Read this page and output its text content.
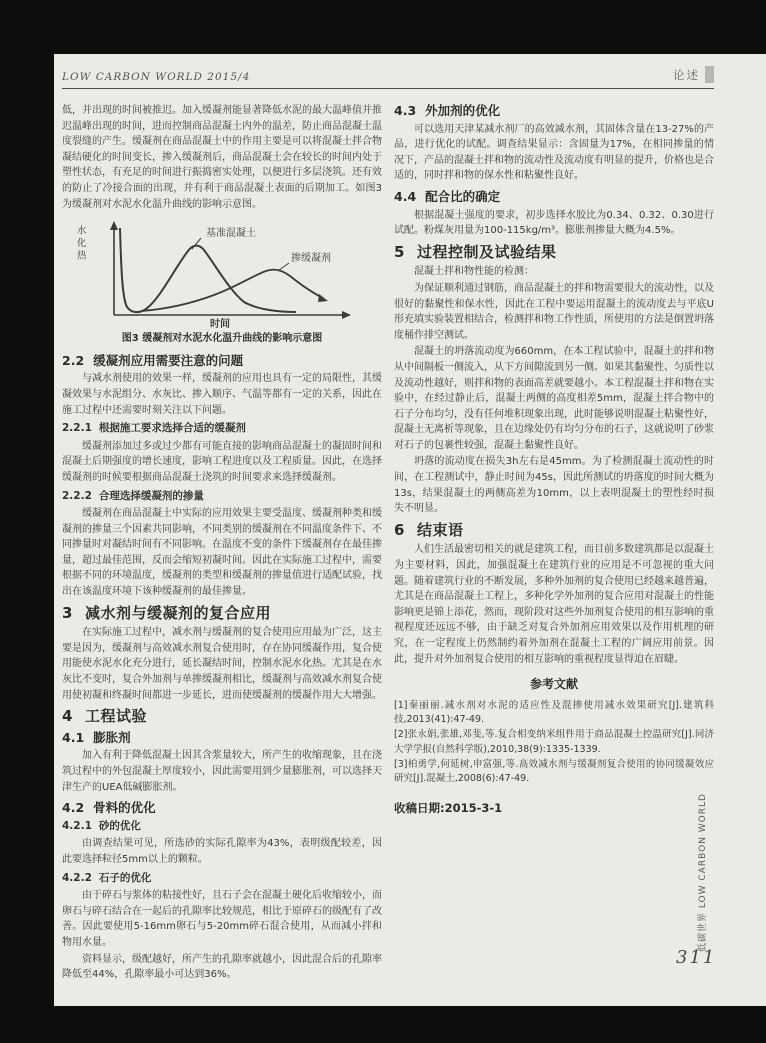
LOW CARBON WORLD 2015/4	论述

低，并出现的时间被推迟。加入缓凝剂能显著降低水泥的最大温峰值并推迟温峰出现的时间，进而控制商品混凝土内外的温差，防止商品混凝土温度裂缝的产生。缓凝剂在商品混凝土中的作用主要是可以将混凝土拌合物凝结硬化的时间变长，掺入缓凝剂后，商品混凝土会在较长的时间内处于塑性状态，有充足的时间进行振捣密实处理，以便进行多层浇筑。还有效的防止了冷接合面的出现，并有利于商品混凝土表面的后期加工。如图3为缓凝剂对水泥水化温升曲线的影响示意图。

水化热	基准混凝土
掺缓凝剂
时间
图3 缓凝剂对水泥水化温升曲线的影响示意图
2.2 缓凝剂应用需要注意的问题

与减水剂使用的效果一样，缓凝剂的应用也具有一定的局限性，其缓凝效果与水泥组分、水灰比、掺入顺序、气温等都有一定的关系，因此在施工过程中还需要时刻关注以下问题。

2.2.1 根据施工要求选择合适的缓凝剂

缓凝剂添加过多或过少都有可能直接的影响商品混凝土的凝固时间和混凝土后期强度的增长速度，影响工程进度以及工程质量。因此，在选择缓凝剂的时候要根据商品混凝土浇筑的时间要求来选择缓凝剂。

2.2.2 合理选择缓凝剂的掺量

缓凝剂在商品混凝土中实际的应用效果主要受温度、缓凝剂种类和缓凝剂的掺量三个因素共同影响，不同类别的缓凝剂在不同温度条件下、不同掺量时对凝结时间有不同影响。在温度不变的条件下缓凝剂存在最佳掺量，超过最佳范围，反而会缩短初凝时间。因此在实际施工过程中，需要根据不同的环境温度，缓凝剂的类型和缓凝剂的掺量值进行适配试验，找出在该温度环境下该种缓凝剂的最佳掺量。

3 减水剂与缓凝剂的复合应用

在实际施工过程中，减水剂与缓凝剂的复合使用应用最为广泛，这主要是因为，缓凝剂与高效减水剂复合使用时，存在协同缓凝作用，复合使用能使水泥水化充分进行，延长凝结时间，控制水泥水化热。尤其是在水灰比不变时，复合外加剂与单掺缓凝剂相比，缓凝剂与高效减水剂复合使用使初凝和终凝时间都进一步延长，进而使缓凝剂的缓凝作用大大增强。

4 工程试验
4.1 膨胀剂

加入有利于降低混凝土因其含浆量较大，所产生的收缩现象，且在浇筑过程中的外包混凝土厚度较小，因此需要用到少量膨胀剂，可以选择天津生产的UEA低碱膨胀剂。

4.2 骨料的优化
4.2.1 砂的优化

由调查结果可见，所选砂的实际孔隙率为43%，表明级配较差，因此要选择粒径5mm以上的颗粒。

4.2.2 石子的优化

由于碎石与浆体的粘接性好，且石子会在混凝土硬化后收缩较小，而卵石与碎石结合在一起后的孔隙率比较规范，相比于原碎石的级配有了改善。因此要使用5-16mm卵石与5-20mm碎石混合使用，从而减小拌和物用水量。

资料显示，级配越好，所产生的孔隙率就越小，因此混合后的孔隙率降低至44%，孔隙率最小可达到36%。

4.3 外加剂的优化

可以选用天津某减水剂厂的高效减水剂，其固体含量在13-27%的产品，进行优化的试配。调查结果显示：含固量为17%，在相同掺量的情况下，产品的混凝土拌和物的流动性及流动度有明显的提升，价格也是合适的，同时拌和物的保水性和粘聚性良好。

4.4 配合比的确定

根据混凝土强度的要求，初步选择水胶比为0.34、0.32、0.30进行试配。粉煤灰用量为100-115kg/m³。膨胀剂掺量大概为4.5%。

5 过程控制及试验结果

混凝土拌和物性能的检测：

为保证顺利通过钢筋，商品混凝土的拌和物需要很大的流动性，以及很好的黏聚性和保水性，因此在工程中要运用混凝土的流动度去与平底U形充填实验装置相结合，检测拌和物工作性质，所使用的方法是倒置坍落度桶作排空测试。

混凝土的坍落流动度为660mm，在本工程试验中，混凝土的拌和物从中间隔板一侧流入，从下方间隙流到另一侧。如果其黏聚性、匀质性以及流动性越好，则拌和物的表面高差就要越小。本工程混凝土拌和物在实验中，在经过静止后，混凝土两侧的高度相差5mm，混凝土拌合物中的石子分布均匀，没有任何堆积现象出现，此时能够说明混凝土粘聚性好，混凝土无离析等现象，且在边缘处仍有均匀分布的石子，这就说明了砂浆对石子的包裹性较强，混凝土黏聚性良好。

坍落的流动度在损失3h左右是45mm。为了检测混凝土流动性的时间，在工程测试中，静止时间为45s，因此所测试的坍落度的时间大概为13s，结果混凝土的两侧高差为10mm，以上表明混凝土的塑性经时损失不明显。

6 结束语

人们生活最密切相关的就是建筑工程，而目前多数建筑都是以混凝土为主要材料，因此，加强混凝土在建筑行业的应用是不可忽视的重大问题。随着建筑行业的不断发展，多种外加剂的复合使用已经越来越普遍，尤其是在商品混凝土工程上，多种化学外加剂的复合应用对混凝土的性能影响更是锦上添花，然而，现阶段对这些外加剂复合使用的相互影响的重视程度还远远不够，由于缺乏对复合外加剂应用效果以及作用机理的研究，在一定程度上仍然制约着外加剂在混凝土工程的广阔应用前景。因此，提升对外加剂复合使用的相互影响的重视程度显得迫在眉睫。

参考文献

[1]秦丽丽.减水剂对水泥的适应性及混掺使用减水效果研究[J].建筑科技,2013(41):47-49.

[2]张永娟,张雄,邓斐,等.复合相变纳米组件用于商品混凝土控温研究[J].同济大学学报(自然科学版),2010,38(9):1335-1339.

[3]柏勇学,何延树,申富强,等.高效减水剂与缓凝剂复合使用的协同缓凝效应研究[J].混凝土,2008(6):47-49.

收稿日期:2015-3-1	低碳世界 LOW CARBON WORLD
311
